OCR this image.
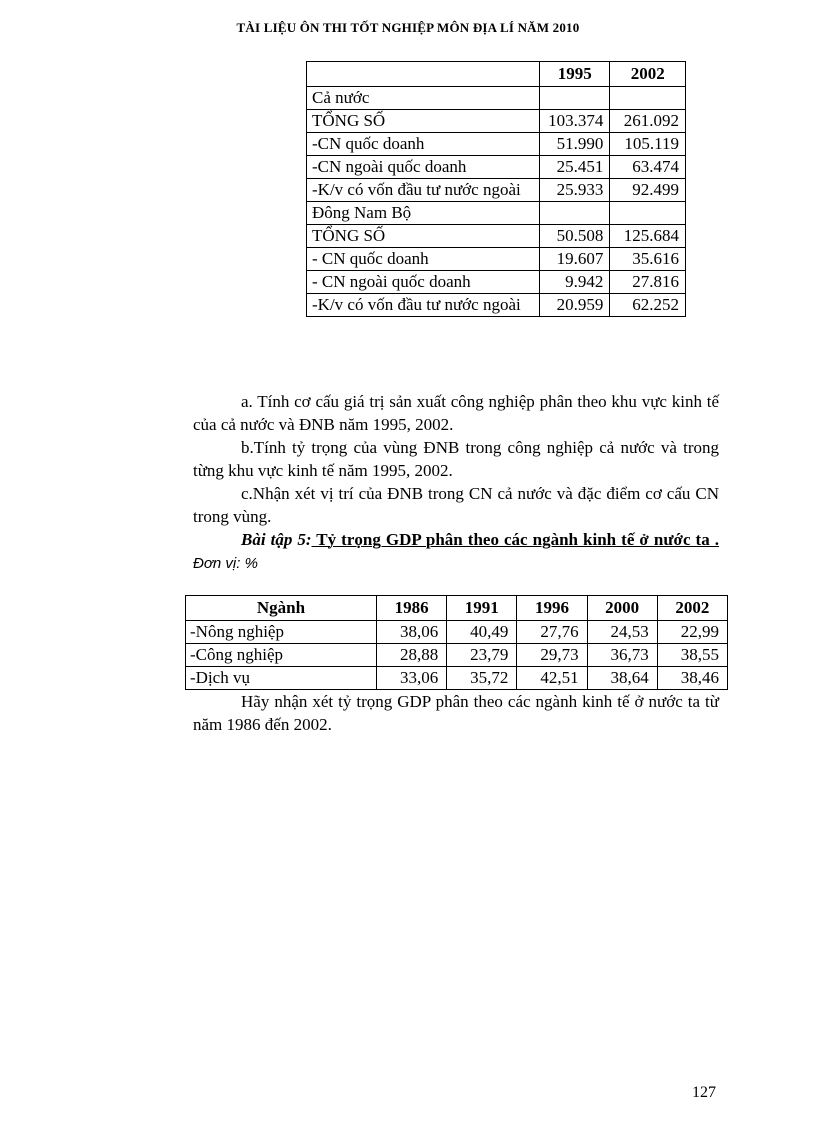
TÀI LIỆU ÔN THI TỐT NGHIỆP MÔN ĐỊA LÍ NĂM 2010
	1995	2002
Cả nước		
TỔNG SỐ	103.374	261.092
-CN quốc doanh	51.990	105.119
-CN ngoài quốc doanh	25.451	63.474
-K/v có vốn đầu tư nước ngoài	25.933	92.499
Đông Nam Bộ		
TỔNG SỐ	50.508	125.684
- CN quốc doanh	19.607	35.616
- CN ngoài quốc doanh	9.942	27.816
-K/v có vốn đầu tư nước ngoài	20.959	62.252

a. Tính cơ cấu giá trị sản xuất công nghiệp phân theo khu vực kinh tế của cả nước và ĐNB năm 1995, 2002.

b.Tính tỷ trọng của vùng ĐNB trong công nghiệp cả nước và trong từng khu vực kinh tế năm 1995, 2002.

c.Nhận xét vị trí của ĐNB trong CN cả nước và đặc điểm cơ cấu CN trong vùng.

Bài tập 5: Tỷ trọng GDP phân theo các ngành kinh tế ở nước ta . Đơn vị: %

Ngành	1986	1991	1996	2000	2002
-Nông nghiệp	38,06	40,49	27,76	24,53	22,99
-Công nghiệp	28,88	23,79	29,73	36,73	38,55
-Dịch vụ	33,06	35,72	42,51	38,64	38,46

Hãy nhận xét tỷ trọng GDP phân theo các ngành kinh tế ở nước ta từ năm 1986 đến 2002.

127
